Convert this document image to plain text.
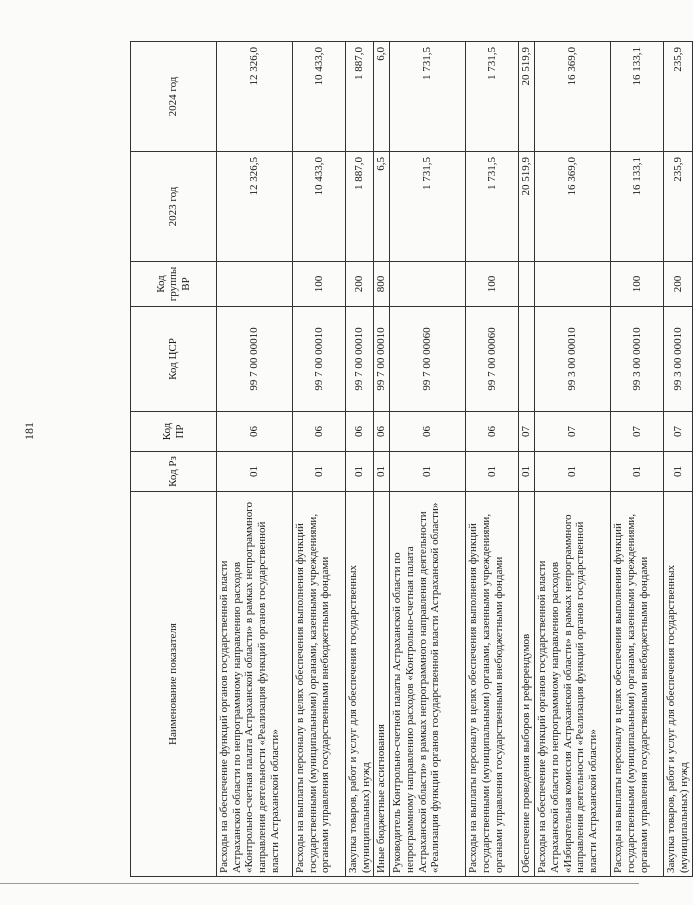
181
Наименование показателя	Код Рз	Код ПР	Код ЦСР	Код группы ВР	2023 год	2024 год
Расходы на обеспечение функций органов государственной власти Астраханской области по непрограммному направлению расходов «Контрольно-счетная палата Астраханской области» в рамках непрограммного направления деятельности «Реализация функций органов государственной власти Астраханской области»	01	06	99 7 00 00010		12 326,5	12 326,0
Расходы на выплаты персоналу в целях обеспечения выполнения функций государственными (муниципальными) органами, казенными учреждениями, органами управления государственными внебюджетными фондами	01	06	99 7 00 00010	100	10 433,0	10 433,0
Закупка товаров, работ и услуг для обеспечения государственных (муниципальных) нужд	01	06	99 7 00 00010	200	1 887,0	1 887,0
Иные бюджетные ассигнования	01	06	99 7 00 00010	800	6,5	6,0
Руководитель Контрольно-счетной палаты Астраханской области по непрограммному направлению расходов «Контрольно-счетная палата Астраханской области» в рамках непрограммного направления деятельности «Реализация функций органов государственной власти Астраханской области»	01	06	99 7 00 00060		1 731,5	1 731,5
Расходы на выплаты персоналу в целях обеспечения выполнения функций государственными (муниципальными) органами, казенными учреждениями, органами управления государственными внебюджетными фондами	01	06	99 7 00 00060	100	1 731,5	1 731,5
Обеспечение проведения выборов и референдумов	01	07			20 519,9	20 519,9
Расходы на обеспечение функций органов государственной власти Астраханской области по непрограммному направлению расходов «Избирательная комиссия Астраханской области» в рамках непрограммного направления деятельности «Реализация функций органов государственной власти Астраханской области»	01	07	99 3 00 00010		16 369,0	16 369,0
Расходы на выплаты персоналу в целях обеспечения выполнения функций государственными (муниципальными) органами, казенными учреждениями, органами управления государственными внебюджетными фондами	01	07	99 3 00 00010	100	16 133,1	16 133,1
Закупка товаров, работ и услуг для обеспечения государственных (муниципальных) нужд	01	07	99 3 00 00010	200	235,9	235,9
